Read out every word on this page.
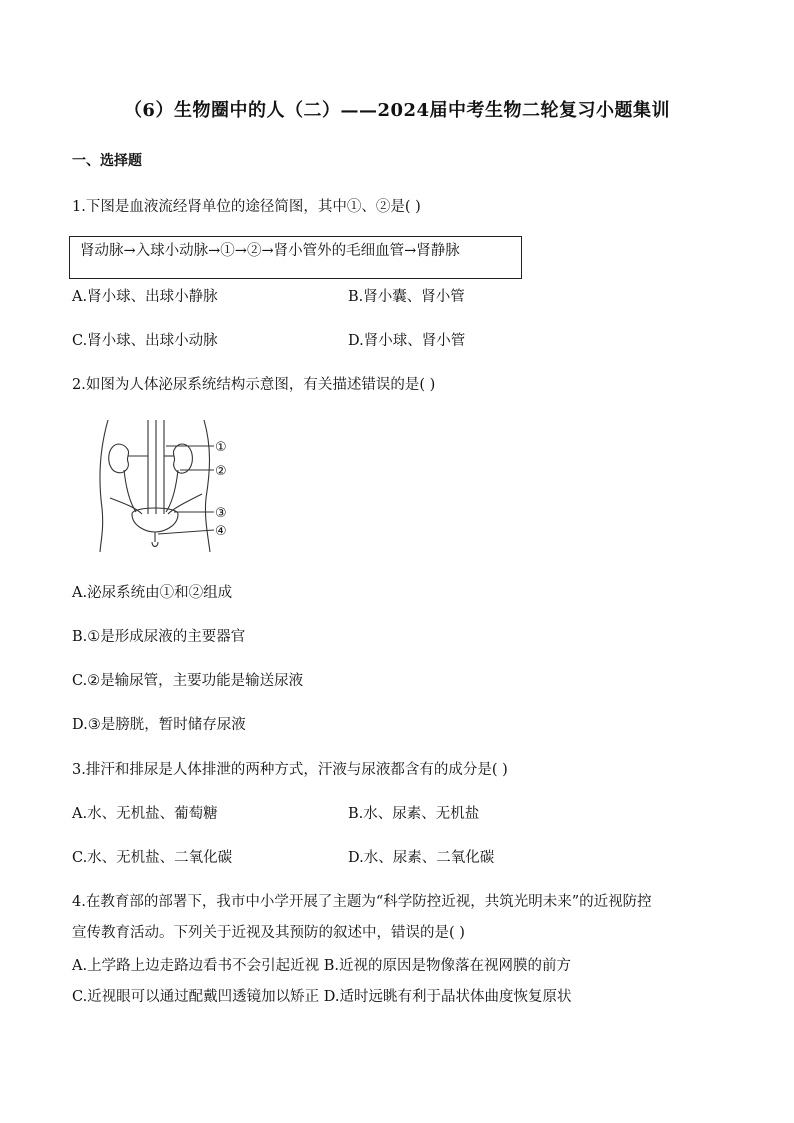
（6）生物圈中的人（二）——2024届中考生物二轮复习小题集训
一、选择题
1.下图是血液流经肾单位的途径简图，其中①、②是( )
肾动脉→入球小动脉→①→②→肾小管外的毛细血管→肾静脉
A.肾小球、出球小静脉	B.肾小囊、肾小管
C.肾小球、出球小动脉	D.肾小球、肾小管
2.如图为人体泌尿系统结构示意图，有关描述错误的是( )
①
②
③
④
A.泌尿系统由①和②组成
B.①是形成尿液的主要器官
C.②是输尿管，主要功能是输送尿液
D.③是膀胱，暂时储存尿液
3.排汗和排尿是人体排泄的两种方式，汗液与尿液都含有的成分是( )
A.水、无机盐、葡萄糖	B.水、尿素、无机盐
C.水、无机盐、二氧化碳	D.水、尿素、二氧化碳
4.在教育部的部署下，我市中小学开展了主题为“科学防控近视，共筑光明未来”的近视防控
宣传教育活动。下列关于近视及其预防的叙述中，错误的是( )
A.上学路上边走路边看书不会引起近视 B.近视的原因是物像落在视网膜的前方
C.近视眼可以通过配戴凹透镜加以矫正 D.适时远眺有利于晶状体曲度恢复原状
